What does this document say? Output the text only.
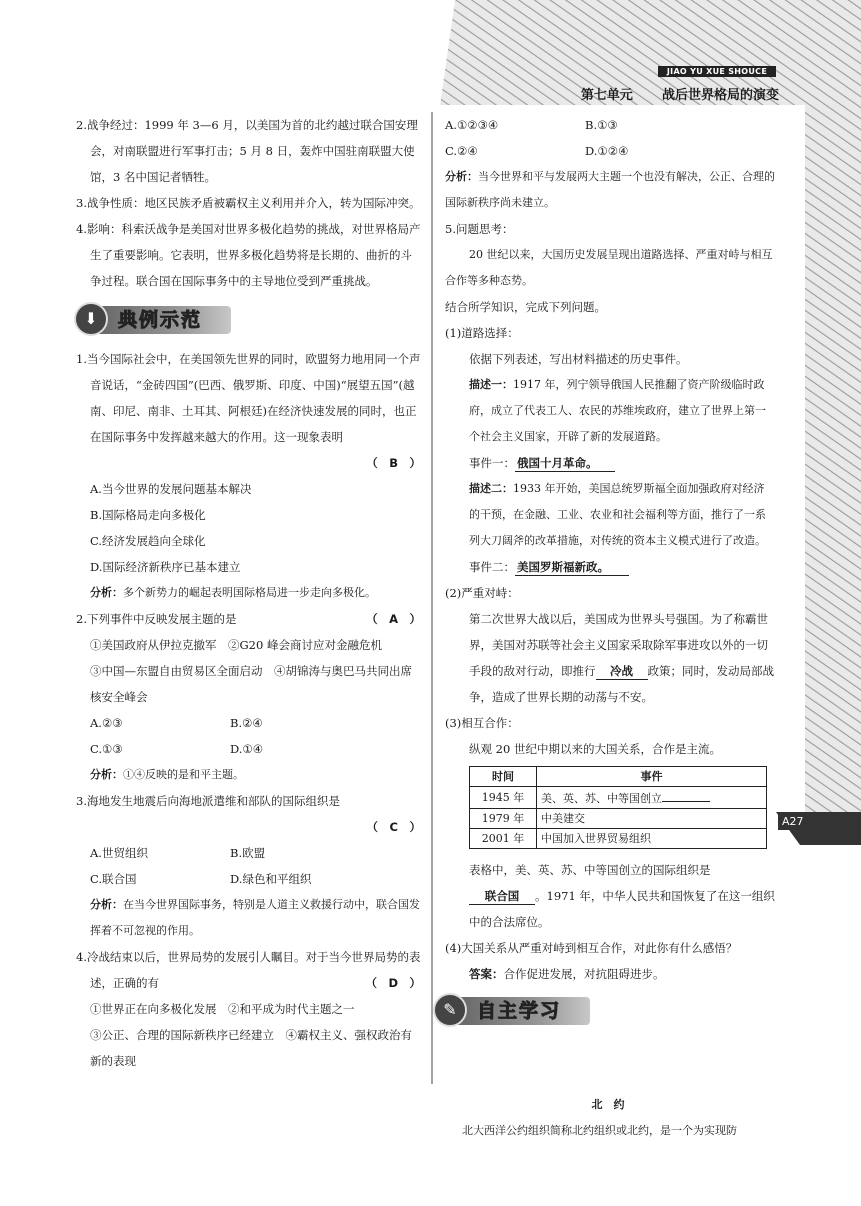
JIAO YU XUE SHOUCE
第七单元 战后世界格局的演变
A27

2.战争经过：1999 年 3—6 月，以美国为首的北约越过联合国安理会，对南联盟进行军事打击；5 月 8 日，轰炸中国驻南联盟大使馆，3 名中国记者牺牲。

3.战争性质：地区民族矛盾被霸权主义利用并介入，转为国际冲突。

4.影响：科索沃战争是美国对世界多极化趋势的挑战，对世界格局产生了重要影响。它表明，世界多极化趋势将是长期的、曲折的斗争过程。联合国在国际事务中的主导地位受到严重挑战。

⬇	典例示范

1.当今国际社会中，在美国领先世界的同时，欧盟努力地用同一个声音说话，“金砖四国”(巴西、俄罗斯、印度、中国)“展望五国”(越南、印尼、南非、土耳其、阿根廷)在经济快速发展的同时，也正在国际事务中发挥越来越大的作用。这一现象表明

（　B　）

A.当今世界的发展问题基本解决

B.国际格局走向多极化

C.经济发展趋向全球化

D.国际经济新秩序已基本建立

分析：多个新势力的崛起表明国际格局进一步走向多极化。

2.下列事件中反映发展主题的是	（　A　）

①美国政府从伊拉克撤军　②G20 峰会商讨应对金融危机

③中国—东盟自由贸易区全面启动　④胡锦涛与奥巴马共同出席核安全峰会

A.②③	B.②④
C.①③	D.①④

分析：①④反映的是和平主题。

3.海地发生地震后向海地派遣维和部队的国际组织是

（　C　）

A.世贸组织	B.欧盟
C.联合国	D.绿色和平组织

分析：在当今世界国际事务，特别是人道主义救援行动中，联合国发挥着不可忽视的作用。

4.冷战结束以后，世界局势的发展引人瞩目。对于当今世界局势的表述，正确的有	（　D　）

①世界正在向多极化发展　②和平成为时代主题之一

③公正、合理的国际新秩序已经建立　④霸权主义、强权政治有新的表现

A.①②③④	B.①③
C.②④	D.①②④

分析：当今世界和平与发展两大主题一个也没有解决，公正、合理的国际新秩序尚未建立。

5.问题思考：

20 世纪以来，大国历史发展呈现出道路选择、严重对峙与相互合作等多种态势。

结合所学知识，完成下列问题。

(1)道路选择：

依据下列表述，写出材料描述的历史事件。

描述一：1917 年，列宁领导俄国人民推翻了资产阶级临时政府，成立了代表工人、农民的苏维埃政府，建立了世界上第一个社会主义国家，开辟了新的发展道路。

事件一： 俄国十月革命。

描述二：1933 年开始，美国总统罗斯福全面加强政府对经济的干预，在金融、工业、农业和社会福利等方面，推行了一系列大刀阔斧的改革措施，对传统的资本主义模式进行了改造。

事件二： 美国罗斯福新政。

(2)严重对峙：

第二次世界大战以后，美国成为世界头号强国。为了称霸世界，美国对苏联等社会主义国家采取除军事进攻以外的一切手段的敌对行动，即推行 冷战 政策；同时，发动局部战争，造成了世界长期的动荡与不安。

(3)相互合作：

纵观 20 世纪中期以来的大国关系，合作是主流。

时间	事件
1945 年	美、英、苏、中等国创立
1979 年	中美建交
2001 年	中国加入世界贸易组织

表格中，美、英、苏、中等国创立的国际组织是联合国 。1971 年，中华人民共和国恢复了在这一组织中的合法席位。

(4)大国关系从严重对峙到相互合作，对此你有什么感悟？

答案：合作促进发展，对抗阻碍进步。

✎	自主学习

北　约

北大西洋公约组织简称北约组织或北约，是一个为实现防
